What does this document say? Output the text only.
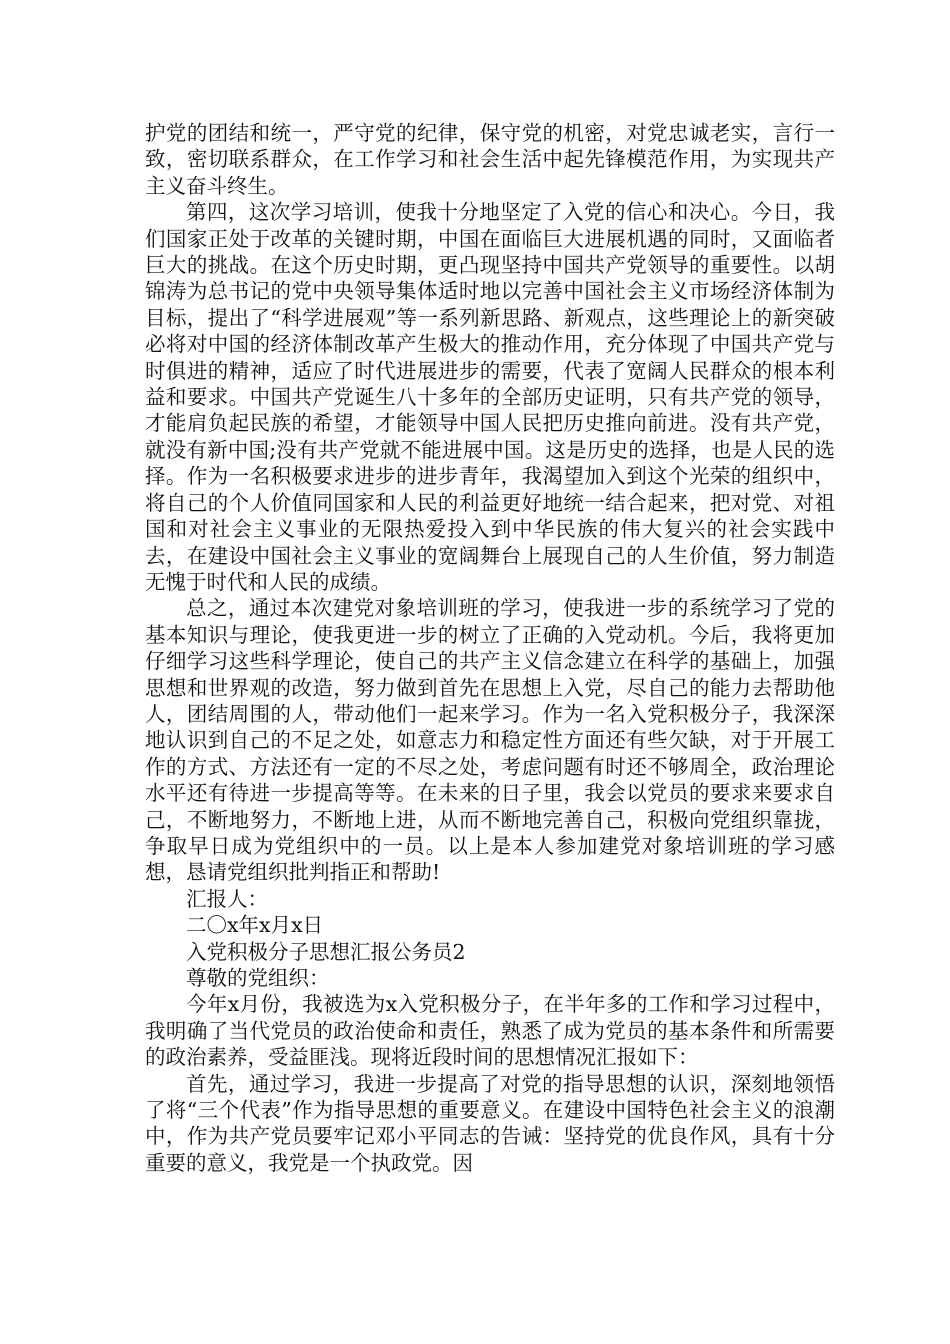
护党的团结和统一，严守党的纪律，保守党的机密，对党忠诚老实，言行一致，密切联系群众，在工作学习和社会生活中起先锋模范作用，为实现共产主义奋斗终生。

第四，这次学习培训，使我十分地坚定了入党的信心和决心。今日，我们国家正处于改革的关键时期，中国在面临巨大进展机遇的同时，又面临者巨大的挑战。在这个历史时期，更凸现坚持中国共产党领导的重要性。以胡锦涛为总书记的党中央领导集体适时地以完善中国社会主义市场经济体制为目标，提出了“科学进展观”等一系列新思路、新观点，这些理论上的新突破必将对中国的经济体制改革产生极大的推动作用，充分体现了中国共产党与时俱进的精神，适应了时代进展进步的需要，代表了宽阔人民群众的根本利益和要求。中国共产党诞生八十多年的全部历史证明，只有共产党的领导，才能肩负起民族的希望，才能领导中国人民把历史推向前进。没有共产党，就没有新中国;没有共产党就不能进展中国。这是历史的选择，也是人民的选择。作为一名积极要求进步的进步青年，我渴望加入到这个光荣的组织中，将自己的个人价值同国家和人民的利益更好地统一结合起来，把对党、对祖国和对社会主义事业的无限热爱投入到中华民族的伟大复兴的社会实践中去，在建设中国社会主义事业的宽阔舞台上展现自己的人生价值，努力制造无愧于时代和人民的成绩。

总之，通过本次建党对象培训班的学习，使我进一步的系统学习了党的基本知识与理论，使我更进一步的树立了正确的入党动机。今后，我将更加仔细学习这些科学理论，使自己的共产主义信念建立在科学的基础上，加强思想和世界观的改造，努力做到首先在思想上入党，尽自己的能力去帮助他人，团结周围的人，带动他们一起来学习。作为一名入党积极分子，我深深地认识到自己的不足之处，如意志力和稳定性方面还有些欠缺，对于开展工作的方式、方法还有一定的不尽之处，考虑问题有时还不够周全，政治理论水平还有待进一步提高等等。在未来的日子里，我会以党员的要求来要求自己，不断地努力，不断地上进，从而不断地完善自己，积极向党组织靠拢，争取早日成为党组织中的一员。以上是本人参加建党对象培训班的学习感想，恳请党组织批判指正和帮助!

汇报人：

二〇x年x月x日

入党积极分子思想汇报公务员2

尊敬的党组织：

今年x月份，我被选为x入党积极分子，在半年多的工作和学习过程中，我明确了当代党员的政治使命和责任，熟悉了成为党员的基本条件和所需要的政治素养，受益匪浅。现将近段时间的思想情况汇报如下：

首先，通过学习，我进一步提高了对党的指导思想的认识，深刻地领悟了将“三个代表”作为指导思想的重要意义。在建设中国特色社会主义的浪潮中，作为共产党员要牢记邓小平同志的告诫：坚持党的优良作风，具有十分重要的意义，我党是一个执政党。因
